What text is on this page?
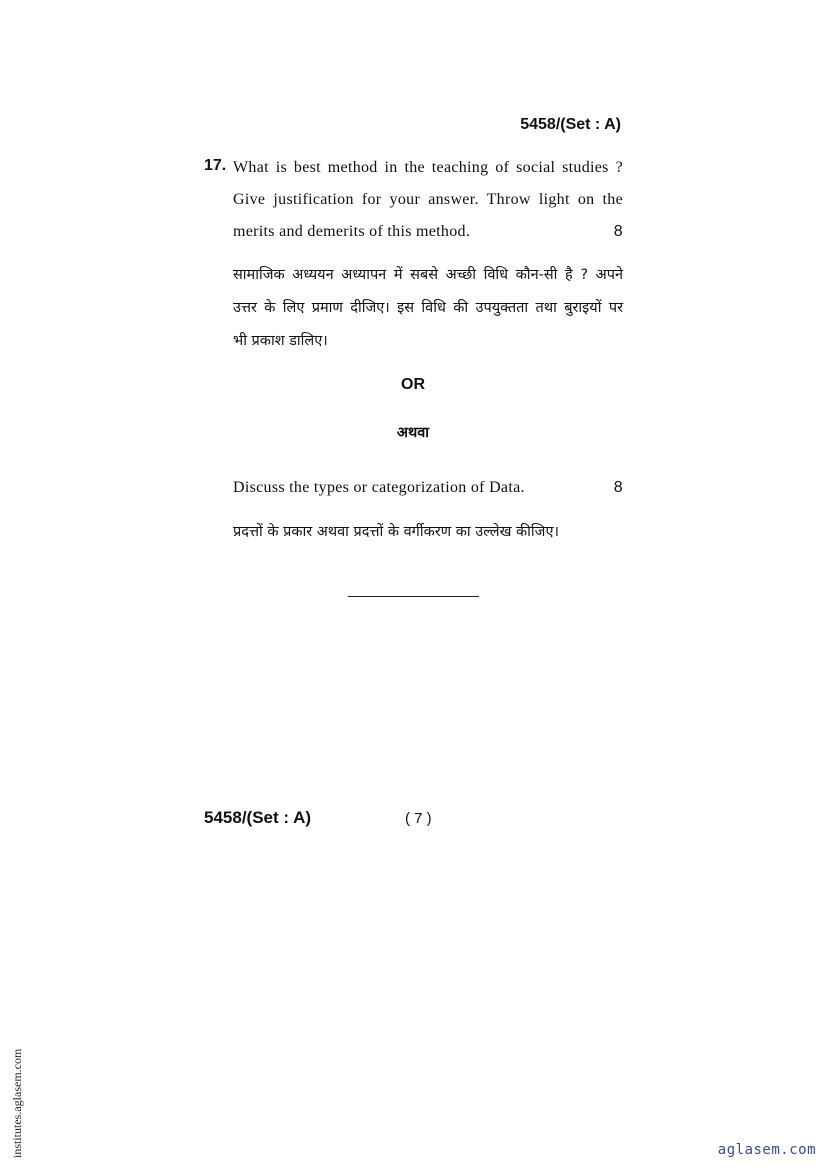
5458/(Set : A)
17. What is best method in the teaching of social studies ?
Give justification for your answer. Throw light on the
merits and demerits of this method.	8
सामाजिक अध्ययन अध्यापन में सबसे अच्छी विधि कौन-सी है ? अपने
उत्तर के लिए प्रमाण दीजिए। इस विधि की उपयुक्तता तथा बुराइयों पर
भी प्रकाश डालिए।
OR
अथवा
Discuss the types or categorization of Data.	8
प्रदत्तों के प्रकार अथवा प्रदत्तों के वर्गीकरण का उल्लेख कीजिए।
5458/(Set : A)	( 7 )
institutes.aglasem.com	aglasem.com
